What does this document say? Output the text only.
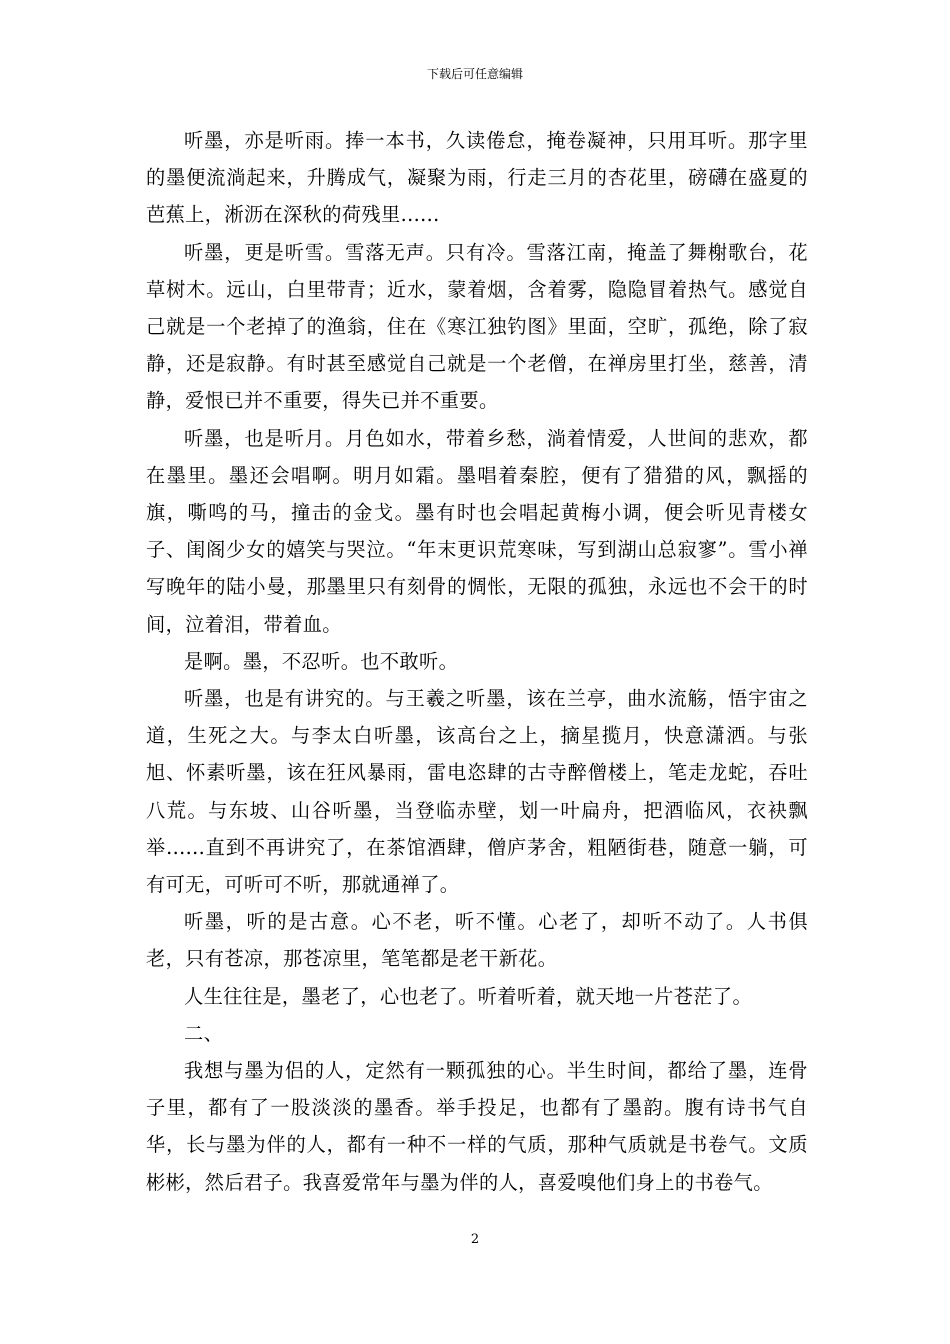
下载后可任意编辑

听墨，亦是听雨。捧一本书，久读倦怠，掩卷凝神，只用耳听。那字里的墨便流淌起来，升腾成气，凝聚为雨，行走三月的杏花里，磅礴在盛夏的芭蕉上，淅沥在深秋的荷残里......

听墨，更是听雪。雪落无声。只有冷。雪落江南，掩盖了舞榭歌台，花草树木。远山，白里带青；近水，蒙着烟，含着雾，隐隐冒着热气。感觉自己就是一个老掉了的渔翁，住在《寒江独钓图》里面，空旷，孤绝，除了寂静，还是寂静。有时甚至感觉自己就是一个老僧，在禅房里打坐，慈善，清静，爱恨已并不重要，得失已并不重要。

听墨，也是听月。月色如水，带着乡愁，淌着情爱，人世间的悲欢，都在墨里。墨还会唱啊。明月如霜。墨唱着秦腔，便有了猎猎的风，飘摇的旗，嘶鸣的马，撞击的金戈。墨有时也会唱起黄梅小调，便会听见青楼女子、闺阁少女的嬉笑与哭泣。“年末更识荒寒味，写到湖山总寂寥”。雪小禅写晚年的陆小曼，那墨里只有刻骨的惆怅，无限的孤独，永远也不会干的时间，泣着泪，带着血。

是啊。墨，不忍听。也不敢听。

听墨，也是有讲究的。与王羲之听墨，该在兰亭，曲水流觞，悟宇宙之道，生死之大。与李太白听墨，该高台之上，摘星揽月，快意潇洒。与张旭、怀素听墨，该在狂风暴雨，雷电恣肆的古寺醉僧楼上，笔走龙蛇，吞吐八荒。与东坡、山谷听墨，当登临赤壁，划一叶扁舟，把酒临风，衣袂飘举......直到不再讲究了，在茶馆酒肆，僧庐茅舍，粗陋街巷，随意一躺，可有可无，可听可不听，那就通禅了。

听墨，听的是古意。心不老，听不懂。心老了，却听不动了。人书俱老，只有苍凉，那苍凉里，笔笔都是老干新花。

人生往往是，墨老了，心也老了。听着听着，就天地一片苍茫了。

二、

我想与墨为侣的人，定然有一颗孤独的心。半生时间，都给了墨，连骨子里，都有了一股淡淡的墨香。举手投足，也都有了墨韵。腹有诗书气自华，长与墨为伴的人，都有一种不一样的气质，那种气质就是书卷气。文质彬彬，然后君子。我喜爱常年与墨为伴的人，喜爱嗅他们身上的书卷气。

2
